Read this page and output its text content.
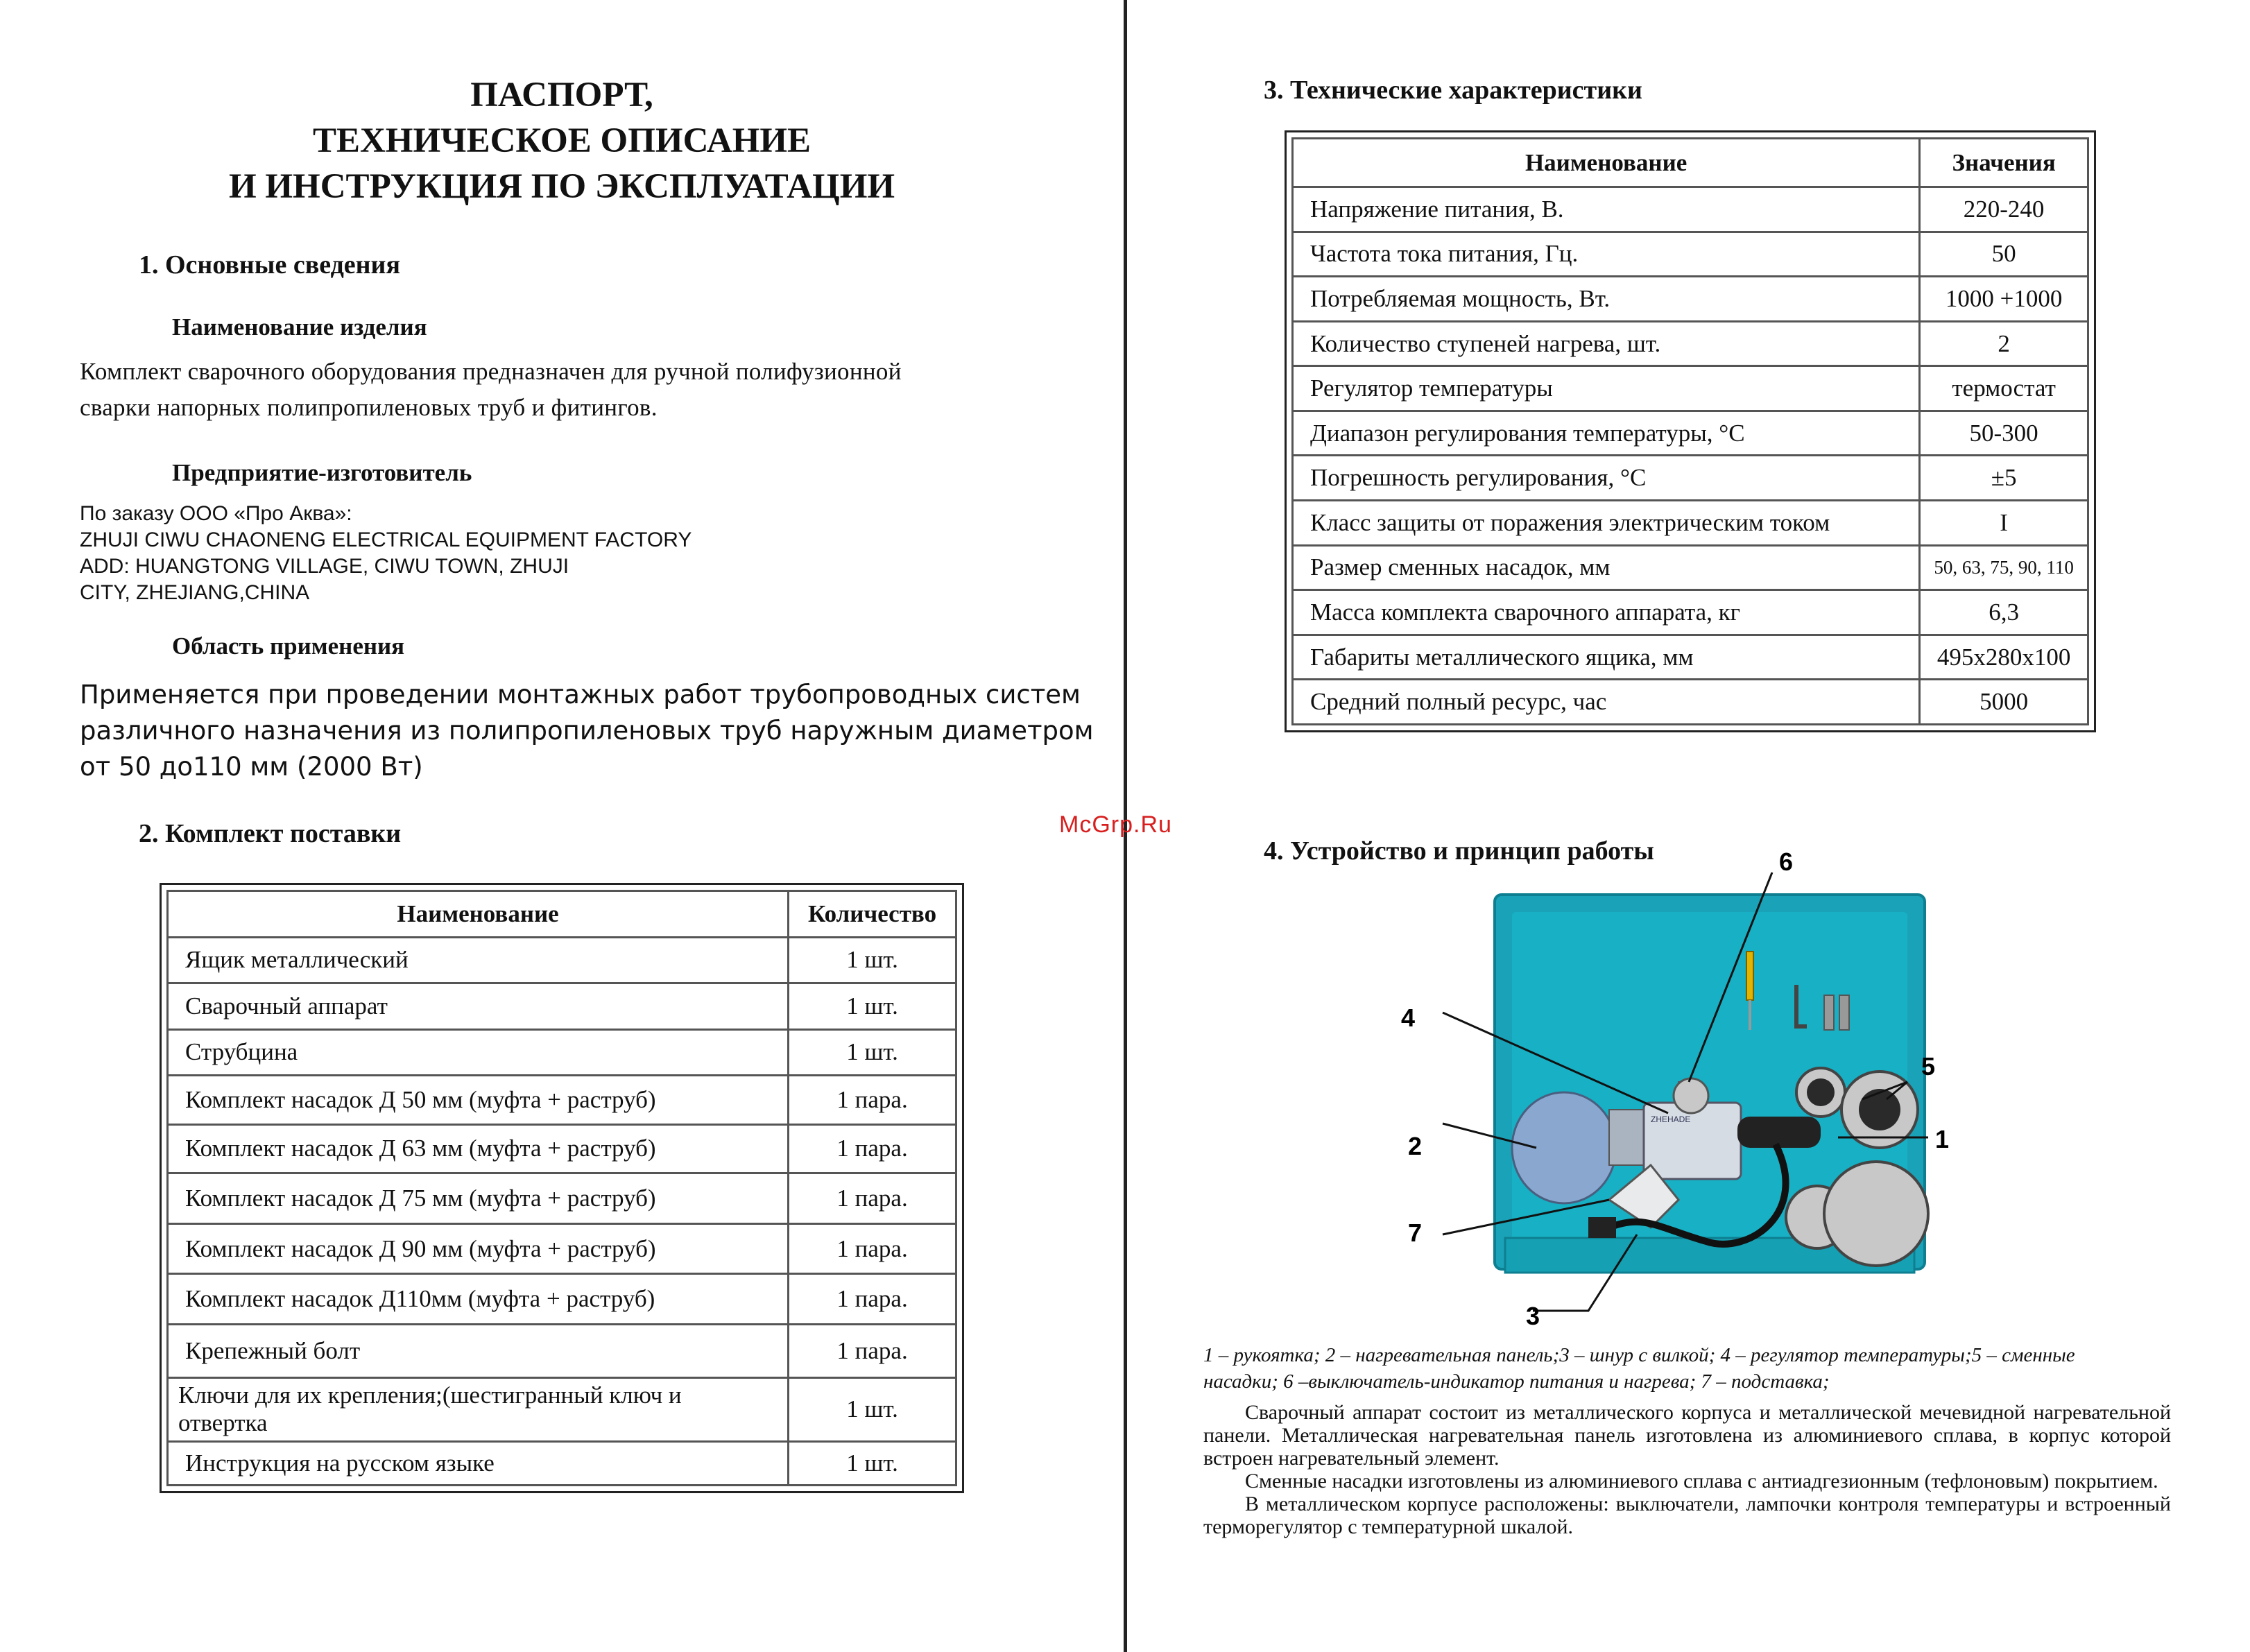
ПАСПОРТ,
ТЕХНИЧЕСКОЕ ОПИСАНИЕ
И ИНСТРУКЦИЯ ПО ЭКСПЛУАТАЦИИ
1. Основные сведения
Наименование изделия
Комплект сварочного оборудования предназначен для ручной полифузионной
сварки напорных полипропиленовых труб и фитингов.
Предприятие-изготовитель
По заказу ООО «Про Аква»:
ZHUJI CIWU CHAONENG ELECTRICAL EQUIPMENT FACTORY
ADD: HUANGTONG VILLAGE, CIWU TOWN, ZHUJI
CITY, ZHEJIANG,CHINA
Область применения
Применяется при проведении монтажных работ трубопроводных систем
различного назначения из полипропиленовых труб наружным диаметром
от 50 до110 мм (2000 Вт)
2. Комплект поставки
Наименование	Количество
Ящик металлический	1 шт.
Сварочный аппарат	1 шт.
Струбцина	1 шт.
Комплект насадок Д 50 мм (муфта + раструб)	1 пара.
Комплект насадок Д 63 мм (муфта + раструб)	1 пара.
Комплект насадок Д 75 мм (муфта + раструб)	1 пара.
Комплект насадок Д 90 мм (муфта + раструб)	1 пара.
Комплект насадок Д110мм (муфта + раструб)	1 пара.
Крепежный болт	1 пара.
Ключи для их крепления;(шестигранный ключ и отвертка	1 шт.
Инструкция на русском языке	1 шт.
3. Технические характеристики
Наименование	Значения
Напряжение питания, В.	220-240
Частота тока питания, Гц.	50
Потребляемая мощность, Вт.	1000 +1000
Количество ступеней нагрева, шт.	2
Регулятор температуры	термостат
Диапазон регулирования температуры, °С	50-300
Погрешность регулирования, °С	±5
Класс защиты от поражения электрическим током	I
Размер сменных насадок, мм	50, 63, 75, 90, 110
Масса комплекта сварочного аппарата, кг	6,3
Габариты металлического ящика, мм	495х280х100
Средний полный ресурс, час	5000
McGrp.Ru
4. Устройство и принцип работы
ZHEHADE
1
2
3
4
5
6
7
1 – рукоятка; 2 – нагревательная панель;3 – шнур с вилкой; 4 – регулятор температуры;5 – сменные
насадки; 6 –выключатель-индикатор питания и нагрева; 7 – подставка;

Сварочный аппарат состоит из металлического корпуса и металлической мечевидной нагревательной панели. Металлическая нагревательная панель изготовлена из алюминиевого сплава, в корпус которой встроен нагревательный элемент.

Сменные насадки изготовлены из алюминиевого сплава с антиадгезионным (тефлоновым) покрытием.

В металлическом корпусе расположены: выключатели, лампочки контроля температуры и встроенный терморегулятор с температурной шкалой.
